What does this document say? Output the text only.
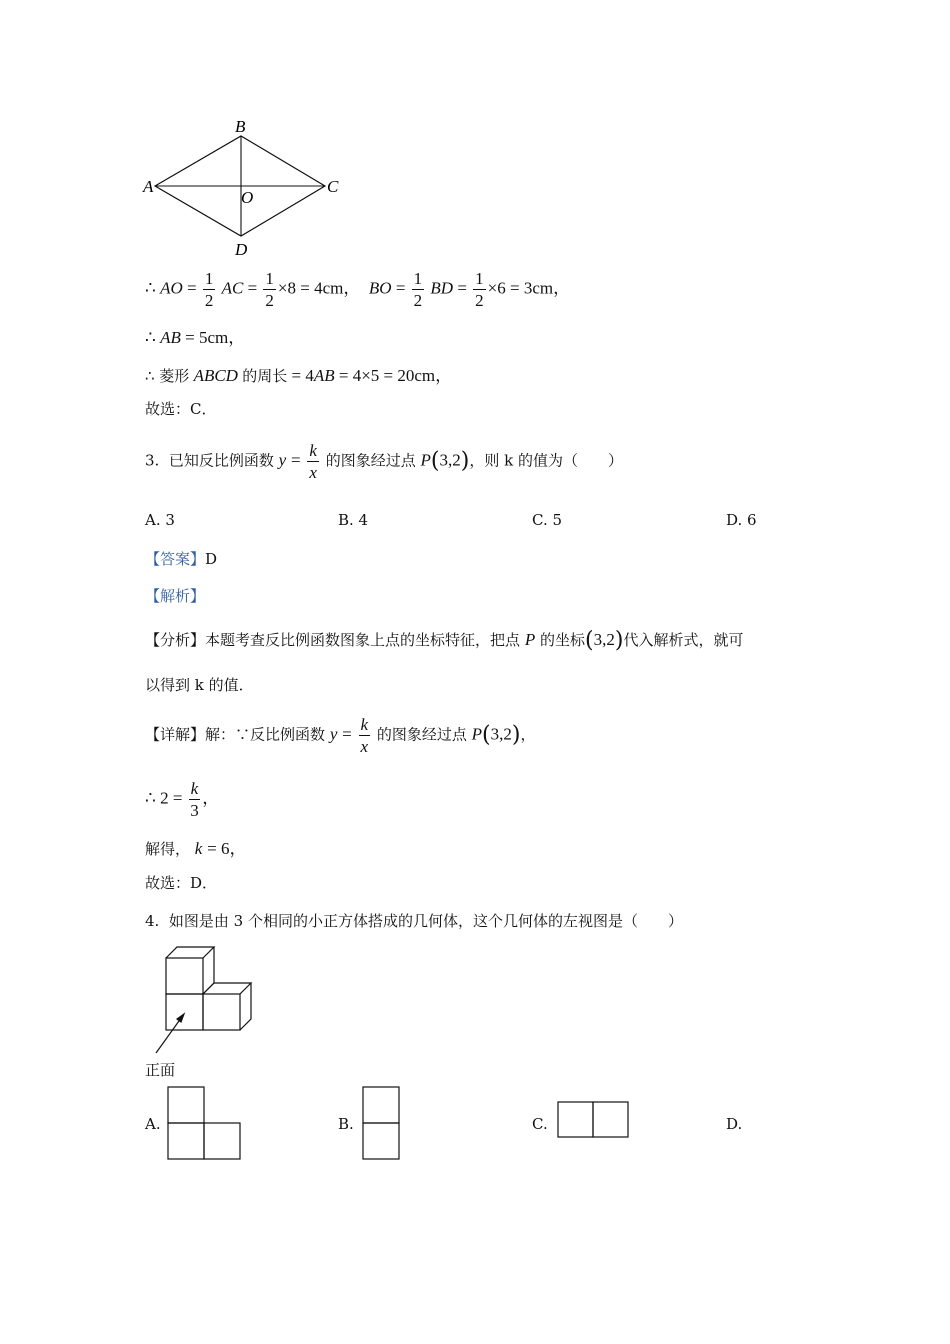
B
A	C
D
O
∴ AO = $\frac{1}{2}$ AC = $\frac{1}{2} \times 8 = 4cm$， BO = $\frac{1}{2}$ BD = $\frac{1}{2} \times 6 = 3cm$，
∴ AB = 5cm，
∴ 菱形 ABCD 的周长 = 4AB = 4×5 = 20cm，
故选：C．
3. 已知反比例函数 $y = \frac{k}{x}$ 的图象经过点 P(3,2)，则 k 的值为（　　）
A. 3	B. 4	C. 5	D. 6
【答案】D
【解析】
【分析】本题考查反比例函数图象上点的坐标特征，把点 P 的坐标(3,2)代入解析式，就可
以得到 k 的值．
【详解】解：∵反比例函数 $y = \frac{k}{x}$ 的图象经过点 P(3,2)，
∴ $2 = \frac{k}{3}$ ，
解得， k = 6，
故选：D．
4. 如图是由 3 个相同的小正方体搭成的几何体，这个几何体的左视图是（　　）
正面
A.	B.	C.	D.
